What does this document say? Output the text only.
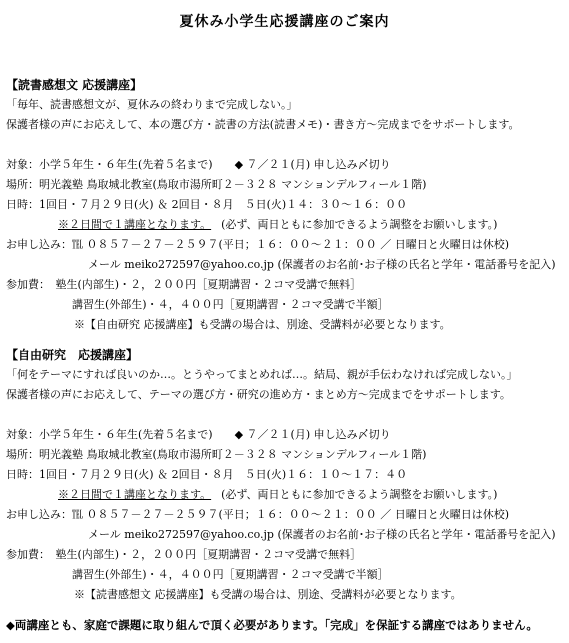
夏休み小学生応援講座のご案内
【読書感想文 応援講座】
「毎年、読書感想文が、夏休みの終わりまで完成しない。」
保護者様の声にお応えして、本の選び方・読書の方法(読書メモ)・書き方～完成までをサポートします。
対象：小学５年生・６年生(先着５名まで)　　◆ ７／２１(月) 申し込み〆切り
場所：明光義塾 鳥取城北教室(鳥取市湯所町２－３２８ マンションデルフィール１階)
日時：1回目・７月２９日(火) ＆ 2回目・８月　５日(火)１４：３０～１６：００
※２日間で１講座となります。 (必ず、両日ともに参加できるよう調整をお願いします。)
お申し込み：℡ ０８５７－２７－２５９７(平日；１６：００～２１：００ ／ 日曜日と火曜日は休校)
メール meiko272597@yahoo.co.jp (保護者のお名前･お子様の氏名と学年・電話番号を記入)
参加費：　塾生(内部生)・２，２００円［夏期講習・２コマ受講で無料］
講習生(外部生)・４，４００円［夏期講習・２コマ受講で半額］
※【自由研究 応援講座】も受講の場合は、別途、受講料が必要となります。
【自由研究　応援講座】
「何をテーマにすれば良いのか…。とうやってまとめれば…。結局、親が手伝わなければ完成しない。」
保護者様の声にお応えして、テーマの選び方・研究の進め方・まとめ方～完成までをサポートします。
対象：小学５年生・６年生(先着５名まで)　　◆ ７／２１(月) 申し込み〆切り
場所：明光義塾 鳥取城北教室(鳥取市湯所町２－３２８ マンションデルフィール１階)
日時：1回目・７月２９日(火) ＆ 2回目・８月　５日(火)１６：１０～１７：４０
※２日間で１講座となります。 (必ず、両日ともに参加できるよう調整をお願いします。)
お申し込み：℡ ０８５７－２７－２５９７(平日；１６：００～２１：００ ／ 日曜日と火曜日は休校)
メール meiko272597@yahoo.co.jp (保護者のお名前･お子様の氏名と学年・電話番号を記入)
参加費：　塾生(内部生)・２，２００円［夏期講習・２コマ受講で無料］
講習生(外部生)・４，４００円［夏期講習・２コマ受講で半額］
※【読書感想文 応援講座】も受講の場合は、別途、受講料が必要となります。
◆両講座とも、家庭で課題に取り組んで頂く必要があります。「完成」を保証する講座ではありません。
